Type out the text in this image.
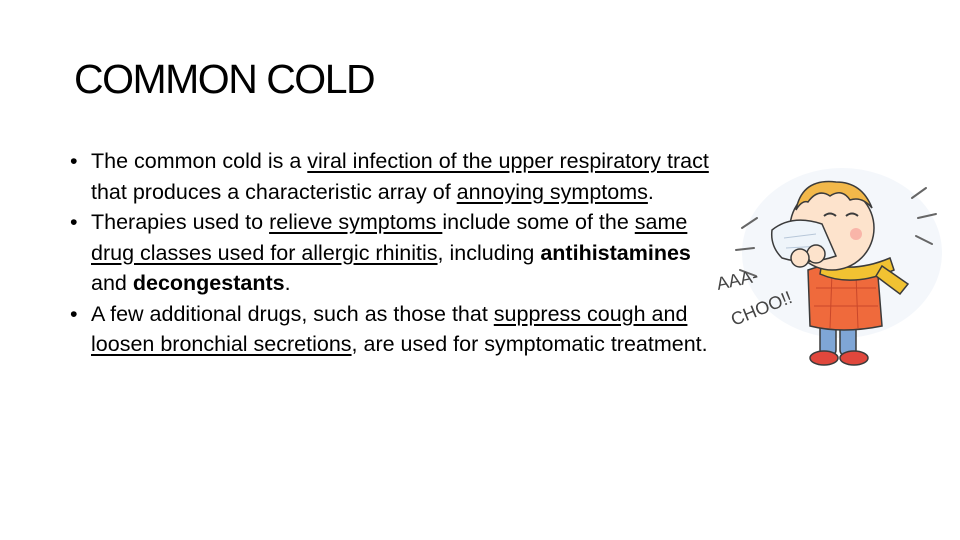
COMMON COLD
• The common cold is a viral infection of the upper respiratory tract that produces a characteristic array of annoying symptoms.
• Therapies used to relieve symptoms include some of the same drug classes used for allergic rhinitis, including antihistamines and decongestants.
• A few additional drugs, such as those that suppress cough and loosen bronchial secretions, are used for symptomatic treatment.
AAA-
CHOO!!
